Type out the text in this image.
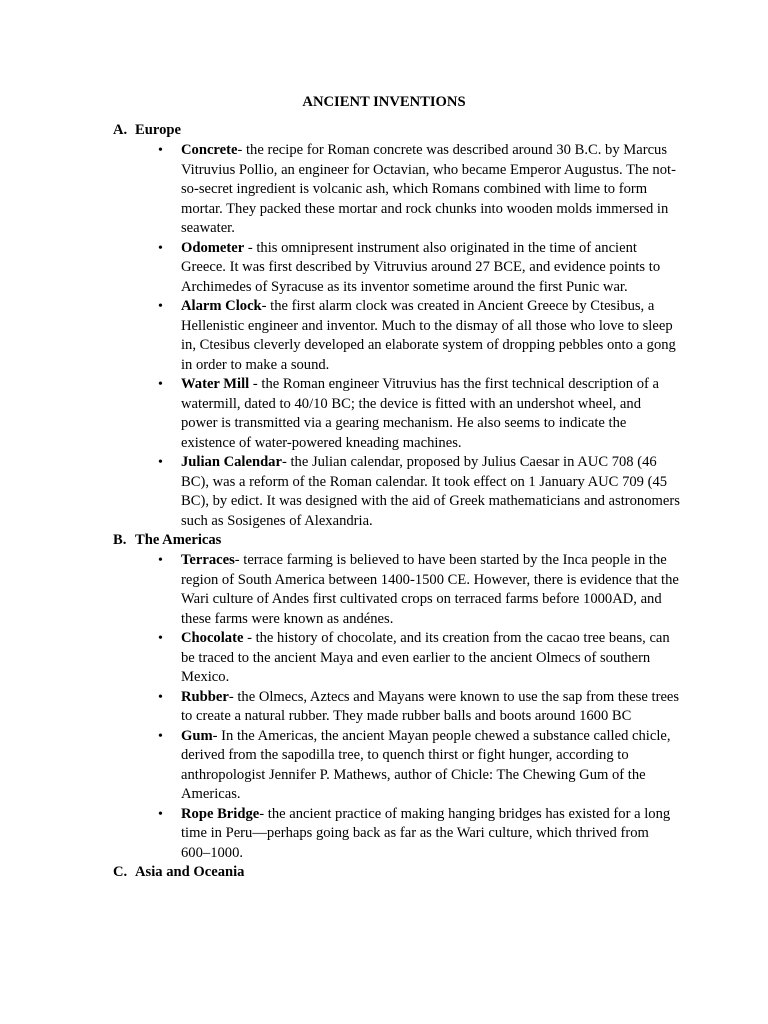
ANCIENT INVENTIONS
A. Europe
• Concrete- the recipe for Roman concrete was described around 30 B.C. by Marcus Vitruvius Pollio, an engineer for Octavian, who became Emperor Augustus. The not-so-secret ingredient is volcanic ash, which Romans combined with lime to form mortar. They packed these mortar and rock chunks into wooden molds immersed in seawater.
• Odometer - this omnipresent instrument also originated in the time of ancient Greece. It was first described by Vitruvius around 27 BCE, and evidence points to Archimedes of Syracuse as its inventor sometime around the first Punic war.
• Alarm Clock- the first alarm clock was created in Ancient Greece by Ctesibus, a Hellenistic engineer and inventor. Much to the dismay of all those who love to sleep in, Ctesibus cleverly developed an elaborate system of dropping pebbles onto a gong in order to make a sound.
• Water Mill - the Roman engineer Vitruvius has the first technical description of a watermill, dated to 40/10 BC; the device is fitted with an undershot wheel, and power is transmitted via a gearing mechanism. He also seems to indicate the existence of water-powered kneading machines.
• Julian Calendar- the Julian calendar, proposed by Julius Caesar in AUC 708 (46 BC), was a reform of the Roman calendar. It took effect on 1 January AUC 709 (45 BC), by edict. It was designed with the aid of Greek mathematicians and astronomers such as Sosigenes of Alexandria.
B. The Americas
• Terraces- terrace farming is believed to have been started by the Inca people in the region of South America between 1400-1500 CE. However, there is evidence that the Wari culture of Andes first cultivated crops on terraced farms before 1000AD, and these farms were known as andénes.
• Chocolate - the history of chocolate, and its creation from the cacao tree beans, can be traced to the ancient Maya and even earlier to the ancient Olmecs of southern Mexico.
• Rubber- the Olmecs, Aztecs and Mayans were known to use the sap from these trees to create a natural rubber. They made rubber balls and boots around 1600 BC
• Gum- In the Americas, the ancient Mayan people chewed a substance called chicle, derived from the sapodilla tree, to quench thirst or fight hunger, according to anthropologist Jennifer P. Mathews, author of Chicle: The Chewing Gum of the Americas.
• Rope Bridge- the ancient practice of making hanging bridges has existed for a long time in Peru—perhaps going back as far as the Wari culture, which thrived from 600–1000.
C. Asia and Oceania
